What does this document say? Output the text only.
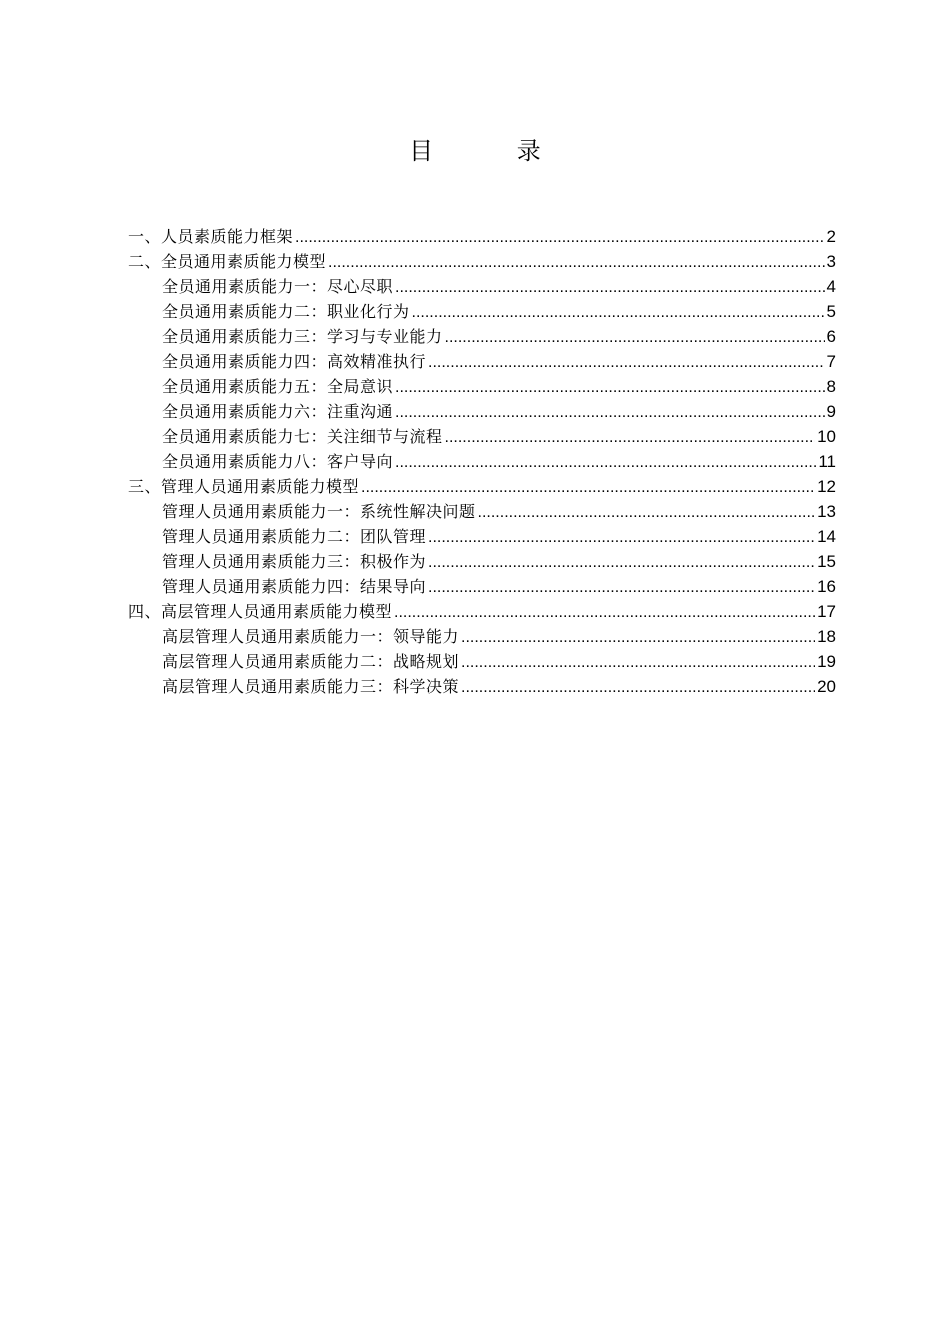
目 录
一、人员素质能力框架 .....	2
二、全员通用素质能力模型 .....	3
全员通用素质能力一：尽心尽职 .....	4
全员通用素质能力二：职业化行为 .....	5
全员通用素质能力三：学习与专业能力 .....	6
全员通用素质能力四：高效精准执行 .....	7
全员通用素质能力五：全局意识 .....	8
全员通用素质能力六：注重沟通 .....	9
全员通用素质能力七：关注细节与流程 .....	10
全员通用素质能力八：客户导向 .....	11
三、管理人员通用素质能力模型 .....	12
管理人员通用素质能力一：系统性解决问题 .....	13
管理人员通用素质能力二：团队管理 .....	14
管理人员通用素质能力三：积极作为 .....	15
管理人员通用素质能力四：结果导向 .....	16
四、高层管理人员通用素质能力模型 .....	17
高层管理人员通用素质能力一：领导能力 .....	18
高层管理人员通用素质能力二：战略规划 .....	19
高层管理人员通用素质能力三：科学决策 .....	20
